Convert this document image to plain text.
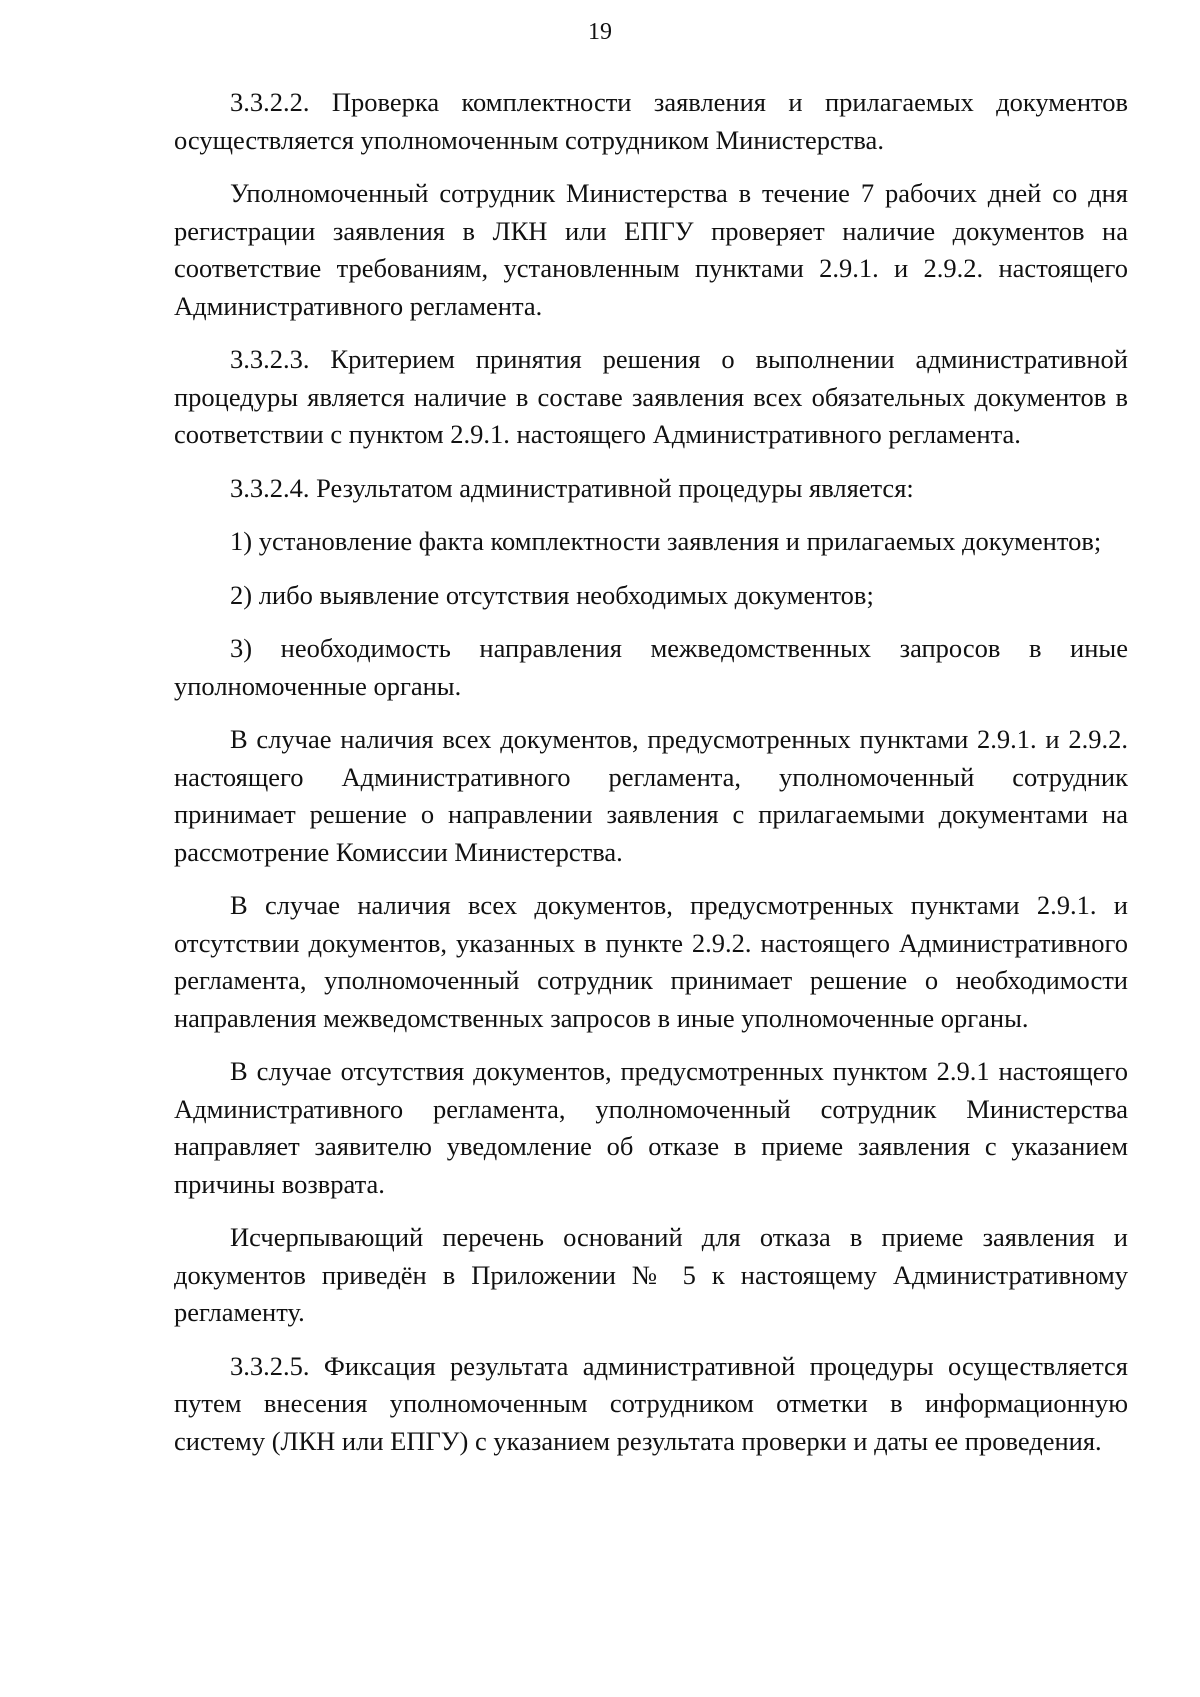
19

3.3.2.2. Проверка комплектности заявления и прилагаемых документов осуществляется уполномоченным сотрудником Министерства.

Уполномоченный сотрудник Министерства в течение 7 рабочих дней со дня регистрации заявления в ЛКН или ЕПГУ проверяет наличие документов на соответствие требованиям, установленным пунктами 2.9.1. и 2.9.2. настоящего Административного регламента.

3.3.2.3. Критерием принятия решения о выполнении административной процедуры является наличие в составе заявления всех обязательных документов в соответствии с пунктом 2.9.1. настоящего Административного регламента.

3.3.2.4. Результатом административной процедуры является:

1) установление факта комплектности заявления и прилагаемых документов;

2) либо выявление отсутствия необходимых документов;

3) необходимость направления межведомственных запросов в иные уполномоченные органы.

В случае наличия всех документов, предусмотренных пунктами 2.9.1. и 2.9.2. настоящего Административного регламента, уполномоченный сотрудник принимает решение о направлении заявления с прилагаемыми документами на рассмотрение Комиссии Министерства.

В случае наличия всех документов, предусмотренных пунктами 2.9.1. и отсутствии документов, указанных в пункте 2.9.2. настоящего Административного регламента, уполномоченный сотрудник принимает решение о необходимости направления межведомственных запросов в иные уполномоченные органы.

В случае отсутствия документов, предусмотренных пунктом 2.9.1 настоящего Административного регламента, уполномоченный сотрудник Министерства направляет заявителю уведомление об отказе в приеме заявления с указанием причины возврата.

Исчерпывающий перечень оснований для отказа в приеме заявления и документов приведён в Приложении № 5 к настоящему Административному регламенту.

3.3.2.5. Фиксация результата административной процедуры осуществляется путем внесения уполномоченным сотрудником отметки в информационную систему (ЛКН или ЕПГУ) с указанием результата проверки и даты ее проведения.
